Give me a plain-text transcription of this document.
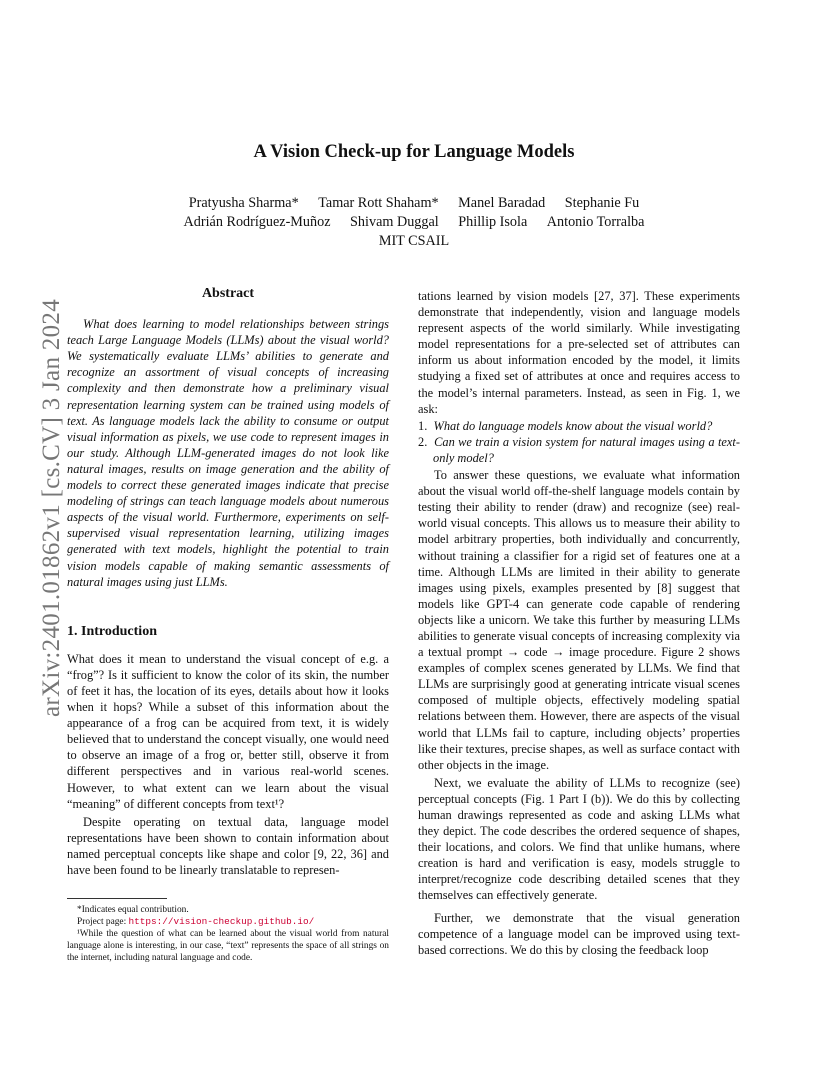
A Vision Check-up for Language Models
Pratyusha Sharma* Tamar Rott Shaham* Manel Baradad Stephanie Fu
Adrián Rodríguez-Muñoz Shivam Duggal Phillip Isola Antonio Torralba
MIT CSAIL
arXiv:2401.01862v1 [cs.CV] 3 Jan 2024
Abstract

What does learning to model relationships between strings teach Large Language Models (LLMs) about the visual world? We systematically evaluate LLMs’ abilities to generate and recognize an assortment of visual concepts of increasing complexity and then demonstrate how a preliminary visual representation learning system can be trained using models of text. As language models lack the ability to consume or output visual information as pixels, we use code to represent images in our study. Although LLM-generated images do not look like natural images, results on image generation and the ability of models to correct these generated images indicate that precise modeling of strings can teach language models about numerous aspects of the visual world. Furthermore, experiments on self-supervised visual representation learning, utilizing images generated with text models, highlight the potential to train vision models capable of making semantic assessments of natural images using just LLMs.

1. Introduction

What does it mean to understand the visual concept of e.g. a “frog”? Is it sufficient to know the color of its skin, the number of feet it has, the location of its eyes, details about how it looks when it hops? While a subset of this information about the appearance of a frog can be acquired from text, it is widely believed that to understand the concept visually, one would need to observe an image of a frog or, better still, observe it from different perspectives and in various real-world scenes. However, to what extent can we learn about the visual “meaning” of different concepts from text¹?

Despite operating on textual data, language model representations have been shown to contain information about named perceptual concepts like shape and color [9, 22, 36] and have been found to be linearly translatable to represen-

tations learned by vision models [27, 37]. These experiments demonstrate that independently, vision and language models represent aspects of the world similarly. While investigating model representations for a pre-selected set of attributes can inform us about information encoded by the model, it limits studying a fixed set of attributes at once and requires access to the model’s internal parameters. Instead, as seen in Fig. 1, we ask:

1. What do language models know about the visual world?
2. Can we train a vision system for natural images using a text-only model?

To answer these questions, we evaluate what information about the visual world off-the-shelf language models contain by testing their ability to render (draw) and recognize (see) real-world visual concepts. This allows us to measure their ability to model arbitrary properties, both individually and concurrently, without training a classifier for a rigid set of features one at a time. Although LLMs are limited in their ability to generate images using pixels, examples presented by [8] suggest that models like GPT-4 can generate code capable of rendering objects like a unicorn. We take this further by measuring LLMs abilities to generate visual concepts of increasing complexity via a textual prompt → code → image procedure. Figure 2 shows examples of complex scenes generated by LLMs. We find that LLMs are surprisingly good at generating intricate visual scenes composed of multiple objects, effectively modeling spatial relations between them. However, there are aspects of the visual world that LLMs fail to capture, including objects’ properties like their textures, precise shapes, as well as surface contact with other objects in the image.

Next, we evaluate the ability of LLMs to recognize (see) perceptual concepts (Fig. 1 Part I (b)). We do this by collecting human drawings represented as code and asking LLMs what they depict. The code describes the ordered sequence of shapes, their locations, and colors. We find that unlike humans, where creation is hard and verification is easy, models struggle to interpret/recognize code describing detailed scenes that they themselves can effectively generate.

Further, we demonstrate that the visual generation competence of a language model can be improved using text-based corrections. We do this by closing the feedback loop

*Indicates equal contribution.
Project page: https://vision-checkup.github.io/
¹While the question of what can be learned about the visual world from natural language alone is interesting, in our case, “text” represents the space of all strings on the internet, including natural language and code.
